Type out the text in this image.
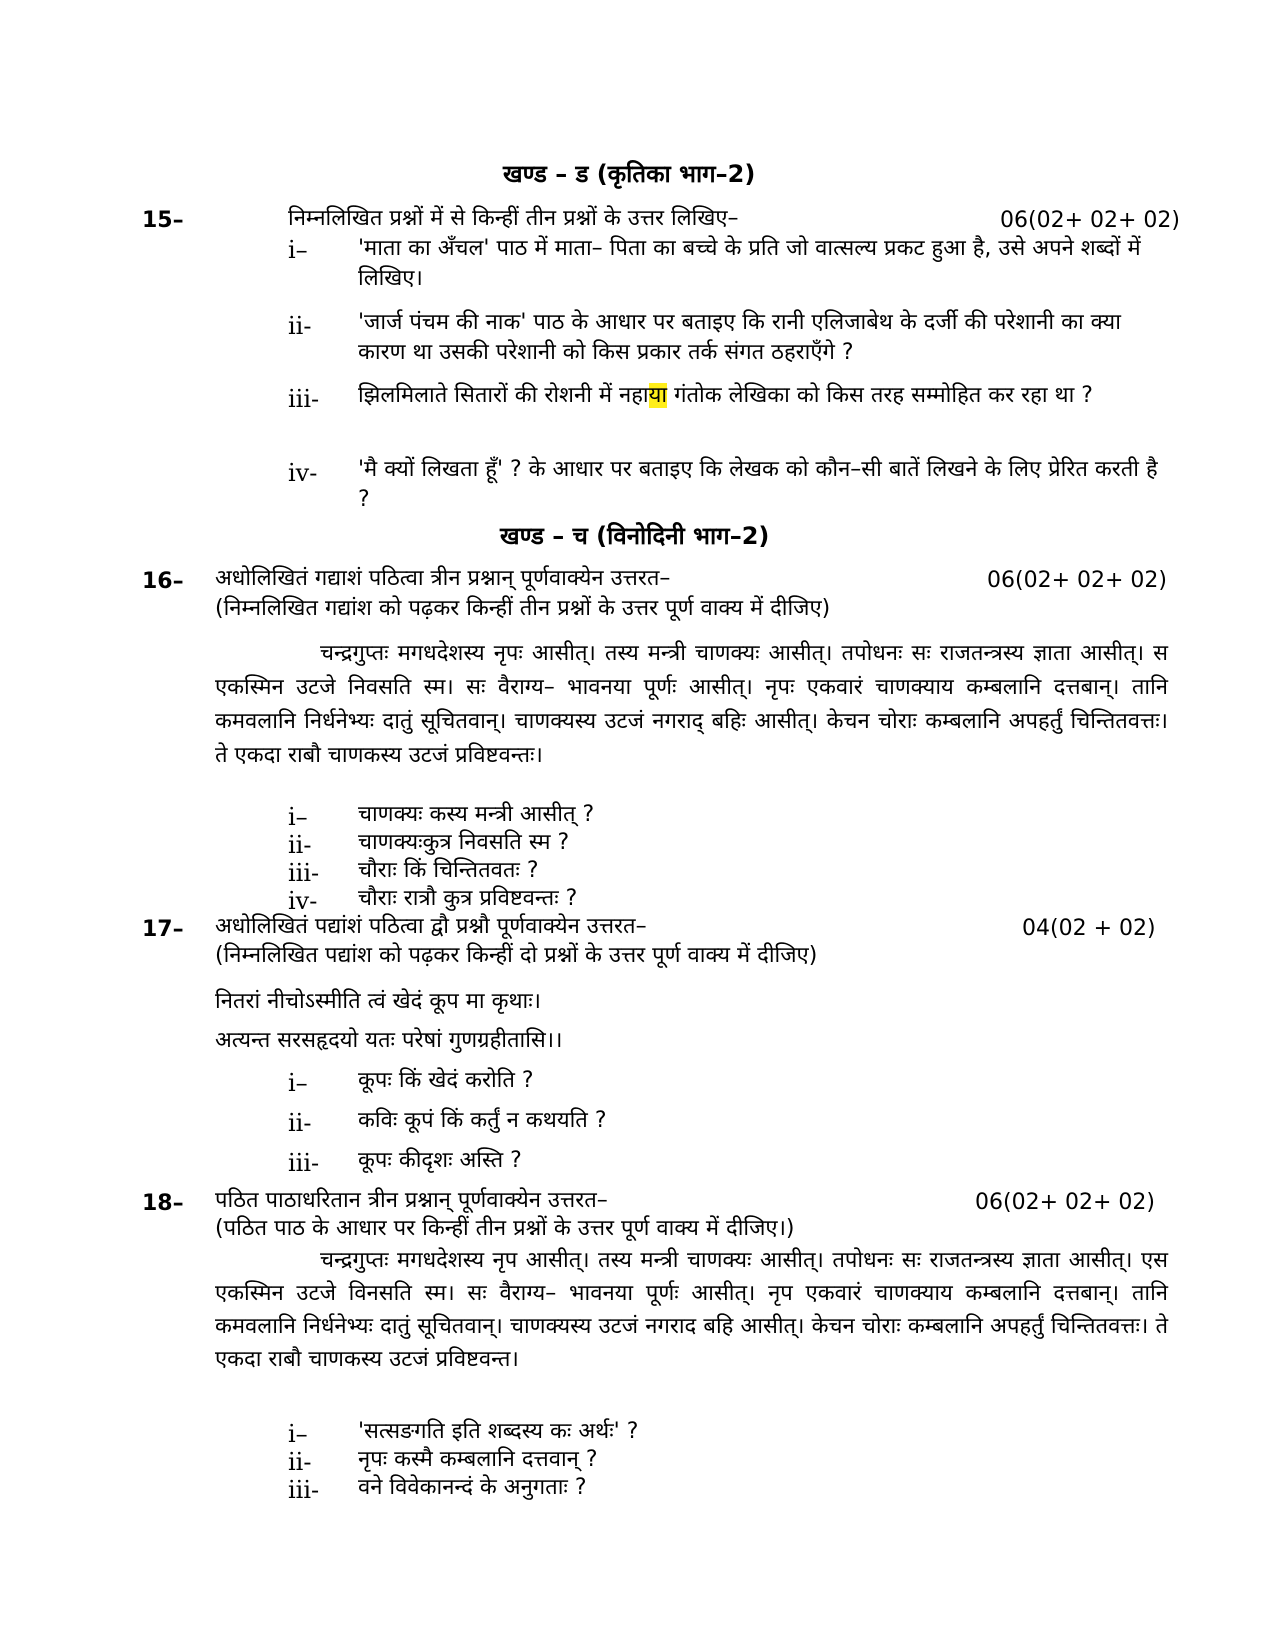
खण्ड – ड (कृतिका भाग–2)
15–	निम्नलिखित प्रश्नों में से किन्हीं तीन प्रश्नों के उत्तर लिखिए–	06(02+ 02+ 02)
i– 'माता का अँचल' पाठ में माता– पिता का बच्चे के प्रति जो वात्सल्य प्रकट हुआ है, उसे अपने शब्दों में लिखिए।
ii- 'जार्ज पंचम की नाक' पाठ के आधार पर बताइए कि रानी एलिजाबेथ के दर्जी की परेशानी का क्या कारण था उसकी परेशानी को किस प्रकार तर्क संगत ठहराएँगे ?
iii- झिलमिलाते सितारों की रोशनी में नहाया गंतोक लेखिका को किस तरह सम्मोहित कर रहा था ?
iv- 'मै क्यों लिखता हूँ' ? के आधार पर बताइए कि लेखक को कौन–सी बातें लिखने के लिए प्रेरित करती है ?
खण्ड – च (विनोदिनी भाग–2)
16– अधोलिखितं गद्याशं पठित्वा त्रीन प्रश्नान् पूर्णवाक्येन उत्तरत–	06(02+ 02+ 02)
(निम्नलिखित गद्यांश को पढ़कर किन्हीं तीन प्रश्नों के उत्तर पूर्ण वाक्य में दीजिए)
चन्द्रगुप्तः मगधदेशस्य नृपः आसीत्। तस्य मन्त्री चाणक्यः आसीत्। तपोधनः सः राजतन्त्रस्य ज्ञाता आसीत्। स एकस्मिन उटजे निवसति स्म। सः वैराग्य– भावनया पूर्णः आसीत्। नृपः एकवारं चाणक्याय कम्बलानि दत्तबान्। तानि कमवलानि निर्धनेभ्यः दातुं सूचितवान्। चाणक्यस्य उटजं नगराद् बहिः आसीत्। केचन चोराः कम्बलानि अपहर्तुं चिन्तितवत्तः। ते एकदा राबौ चाणकस्य उटजं प्रविष्टवन्तः।
i– चाणक्यः कस्य मन्त्री आसीत् ?
ii- चाणक्यःकुत्र निवसति स्म ?
iii- चौराः किं चिन्तितवतः ?
iv- चौराः रात्रौ कुत्र प्रविष्टवन्तः ?
17– अधोलिखितं पद्यांशं पठित्वा द्वौ प्रश्नौ पूर्णवाक्येन उत्तरत–	04(02 + 02)
(निम्नलिखित पद्यांश को पढ़कर किन्हीं दो प्रश्नों के उत्तर पूर्ण वाक्य में दीजिए)
नितरां नीचोऽस्मीति त्वं खेदं कूप मा कृथाः।
अत्यन्त सरसहृदयो यतः परेषां गुणग्रहीतासि।।
i– कूपः किं खेदं करोति ?
ii- कविः कूपं किं कर्तुं न कथयति ?
iii- कूपः कीदृशः अस्ति ?
18– पठित पाठाधरितान त्रीन प्रश्नान् पूर्णवाक्येन उत्तरत–	06(02+ 02+ 02)
(पठित पाठ के आधार पर किन्हीं तीन प्रश्नों के उत्तर पूर्ण वाक्य में दीजिए।)
चन्द्रगुप्तः मगधदेशस्य नृप आसीत्। तस्य मन्त्री चाणक्यः आसीत्। तपोधनः सः राजतन्त्रस्य ज्ञाता आसीत्। एस एकस्मिन उटजे विनसति स्म। सः वैराग्य– भावनया पूर्णः आसीत्। नृप एकवारं चाणक्याय कम्बलानि दत्तबान्। तानि कमवलानि निर्धनेभ्यः दातुं सूचितवान्। चाणक्यस्य उटजं नगराद बहि आसीत्। केचन चोराः कम्बलानि अपहर्तुं चिन्तितवत्तः। ते एकदा राबौ चाणकस्य उटजं प्रविष्टवन्त।
i– 'सत्सङगति इति शब्दस्य कः अर्थः' ?
ii- नृपः कस्मै कम्बलानि दत्तवान् ?
iii- वने विवेकानन्दं के अनुगताः ?
